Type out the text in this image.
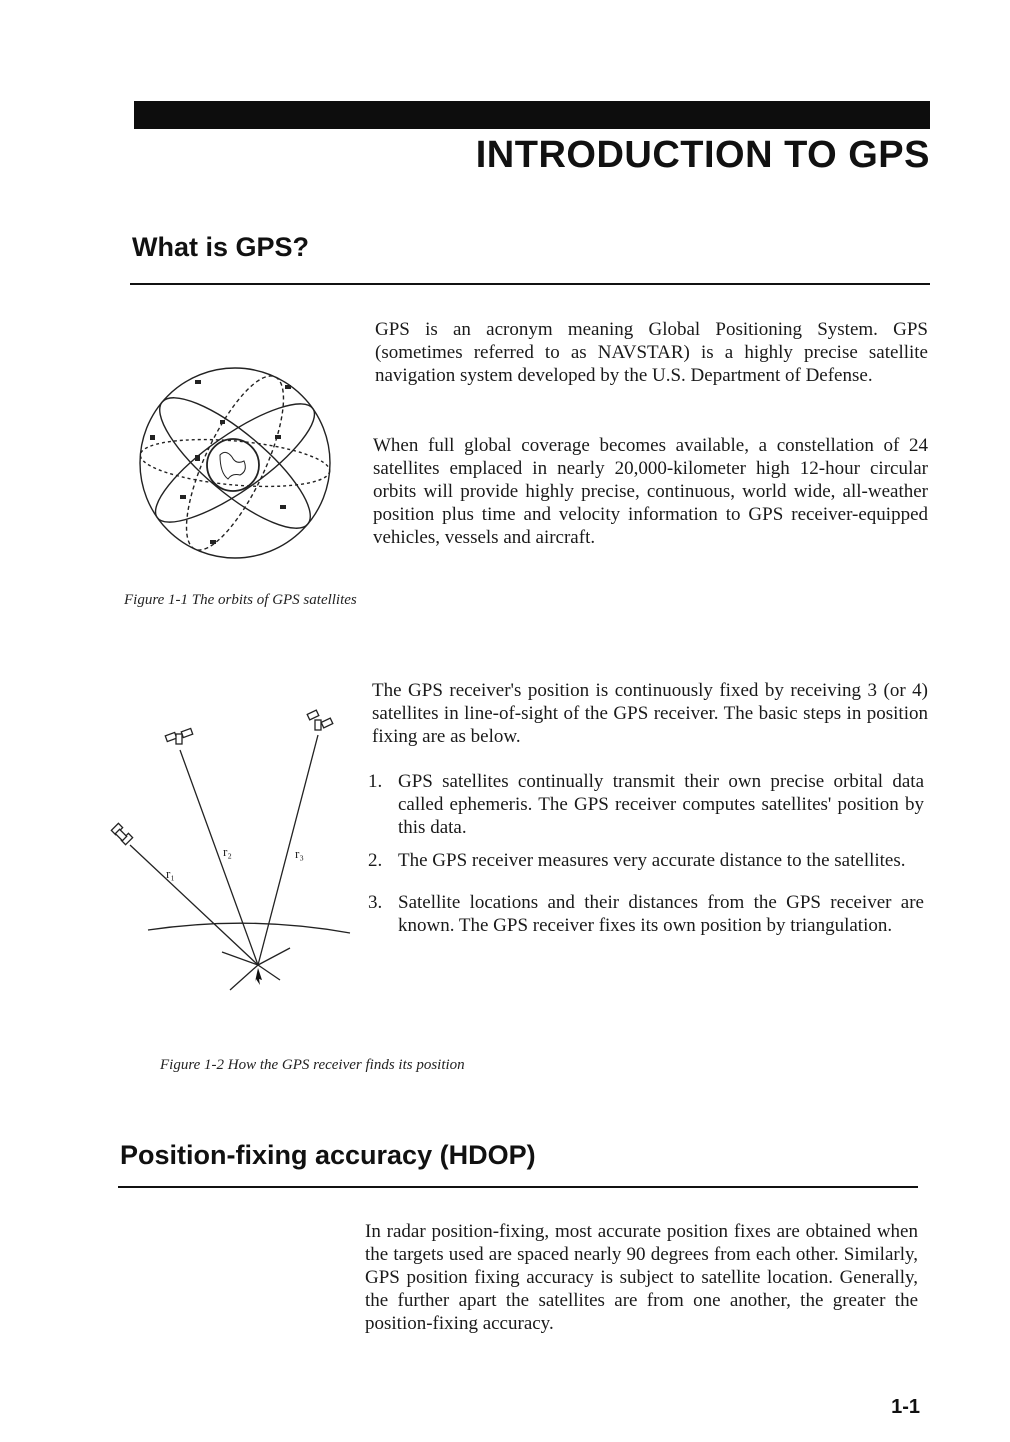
INTRODUCTION TO GPS
What is GPS?
GPS is an acronym meaning Global Positioning System. GPS (sometimes referred to as NAVSTAR) is a highly precise satellite navigation system developed by the U.S. Department of Defense.
When full global coverage becomes available, a constellation of 24 satellites emplaced in nearly 20,000-kilometer high 12-hour circular orbits will provide highly precise, continuous, world wide, all-weather position plus time and velocity information to GPS receiver-equipped vehicles, vessels and aircraft.
Figure 1-1 The orbits of GPS satellites
The GPS receiver's position is continuously fixed by receiving 3 (or 4) satellites in line-of-sight of the GPS receiver. The basic steps in position fixing are as below.
1. GPS satellites continually transmit their own precise orbital data called ephemeris. The GPS receiver computes satellites' position by this data.
2. The GPS receiver measures very accurate distance to the satellites.
3. Satellite locations and their distances from the GPS receiver are known. The GPS receiver fixes its own position by triangulation.
r₁
r₂	r₃
Figure 1-2 How the GPS receiver finds its position
Position-fixing accuracy (HDOP)
In radar position-fixing, most accurate position fixes are obtained when the targets used are spaced nearly 90 degrees from each other. Similarly, GPS position fixing accuracy is subject to satellite location. Generally, the further apart the satellites are from one another, the greater the position-fixing accuracy.
1-1
